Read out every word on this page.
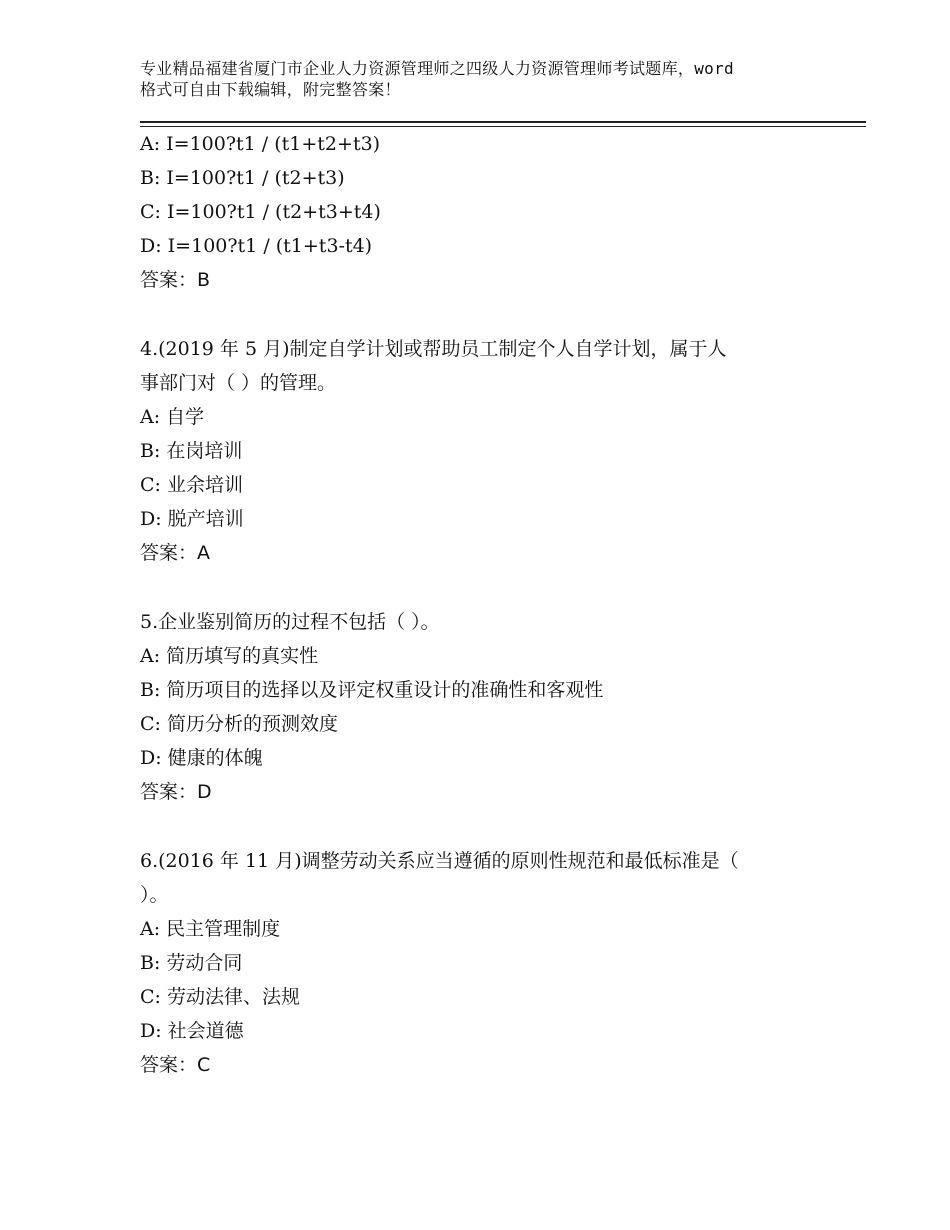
专业精品福建省厦门市企业人力资源管理师之四级人力资源管理师考试题库，word
格式可自由下载编辑，附完整答案！
A: I=100?t1 / (t1+t2+t3)
B: I=100?t1 / (t2+t3)
C: I=100?t1 / (t2+t3+t4)
D: I=100?t1 / (t1+t3-t4)
答案：B
4.(2019 年 5 月)制定自学计划或帮助员工制定个人自学计划，属于人
事部门对（ ）的管理。
A: 自学
B: 在岗培训
C: 业余培训
D: 脱产培训
答案：A
5.企业鉴别简历的过程不包括（ ）。
A: 简历填写的真实性
B: 简历项目的选择以及评定权重设计的准确性和客观性
C: 简历分析的预测效度
D: 健康的体魄
答案：D
6.(2016 年 11 月)调整劳动关系应当遵循的原则性规范和最低标准是（
）。
A: 民主管理制度
B: 劳动合同
C: 劳动法律、法规
D: 社会道德
答案：C
